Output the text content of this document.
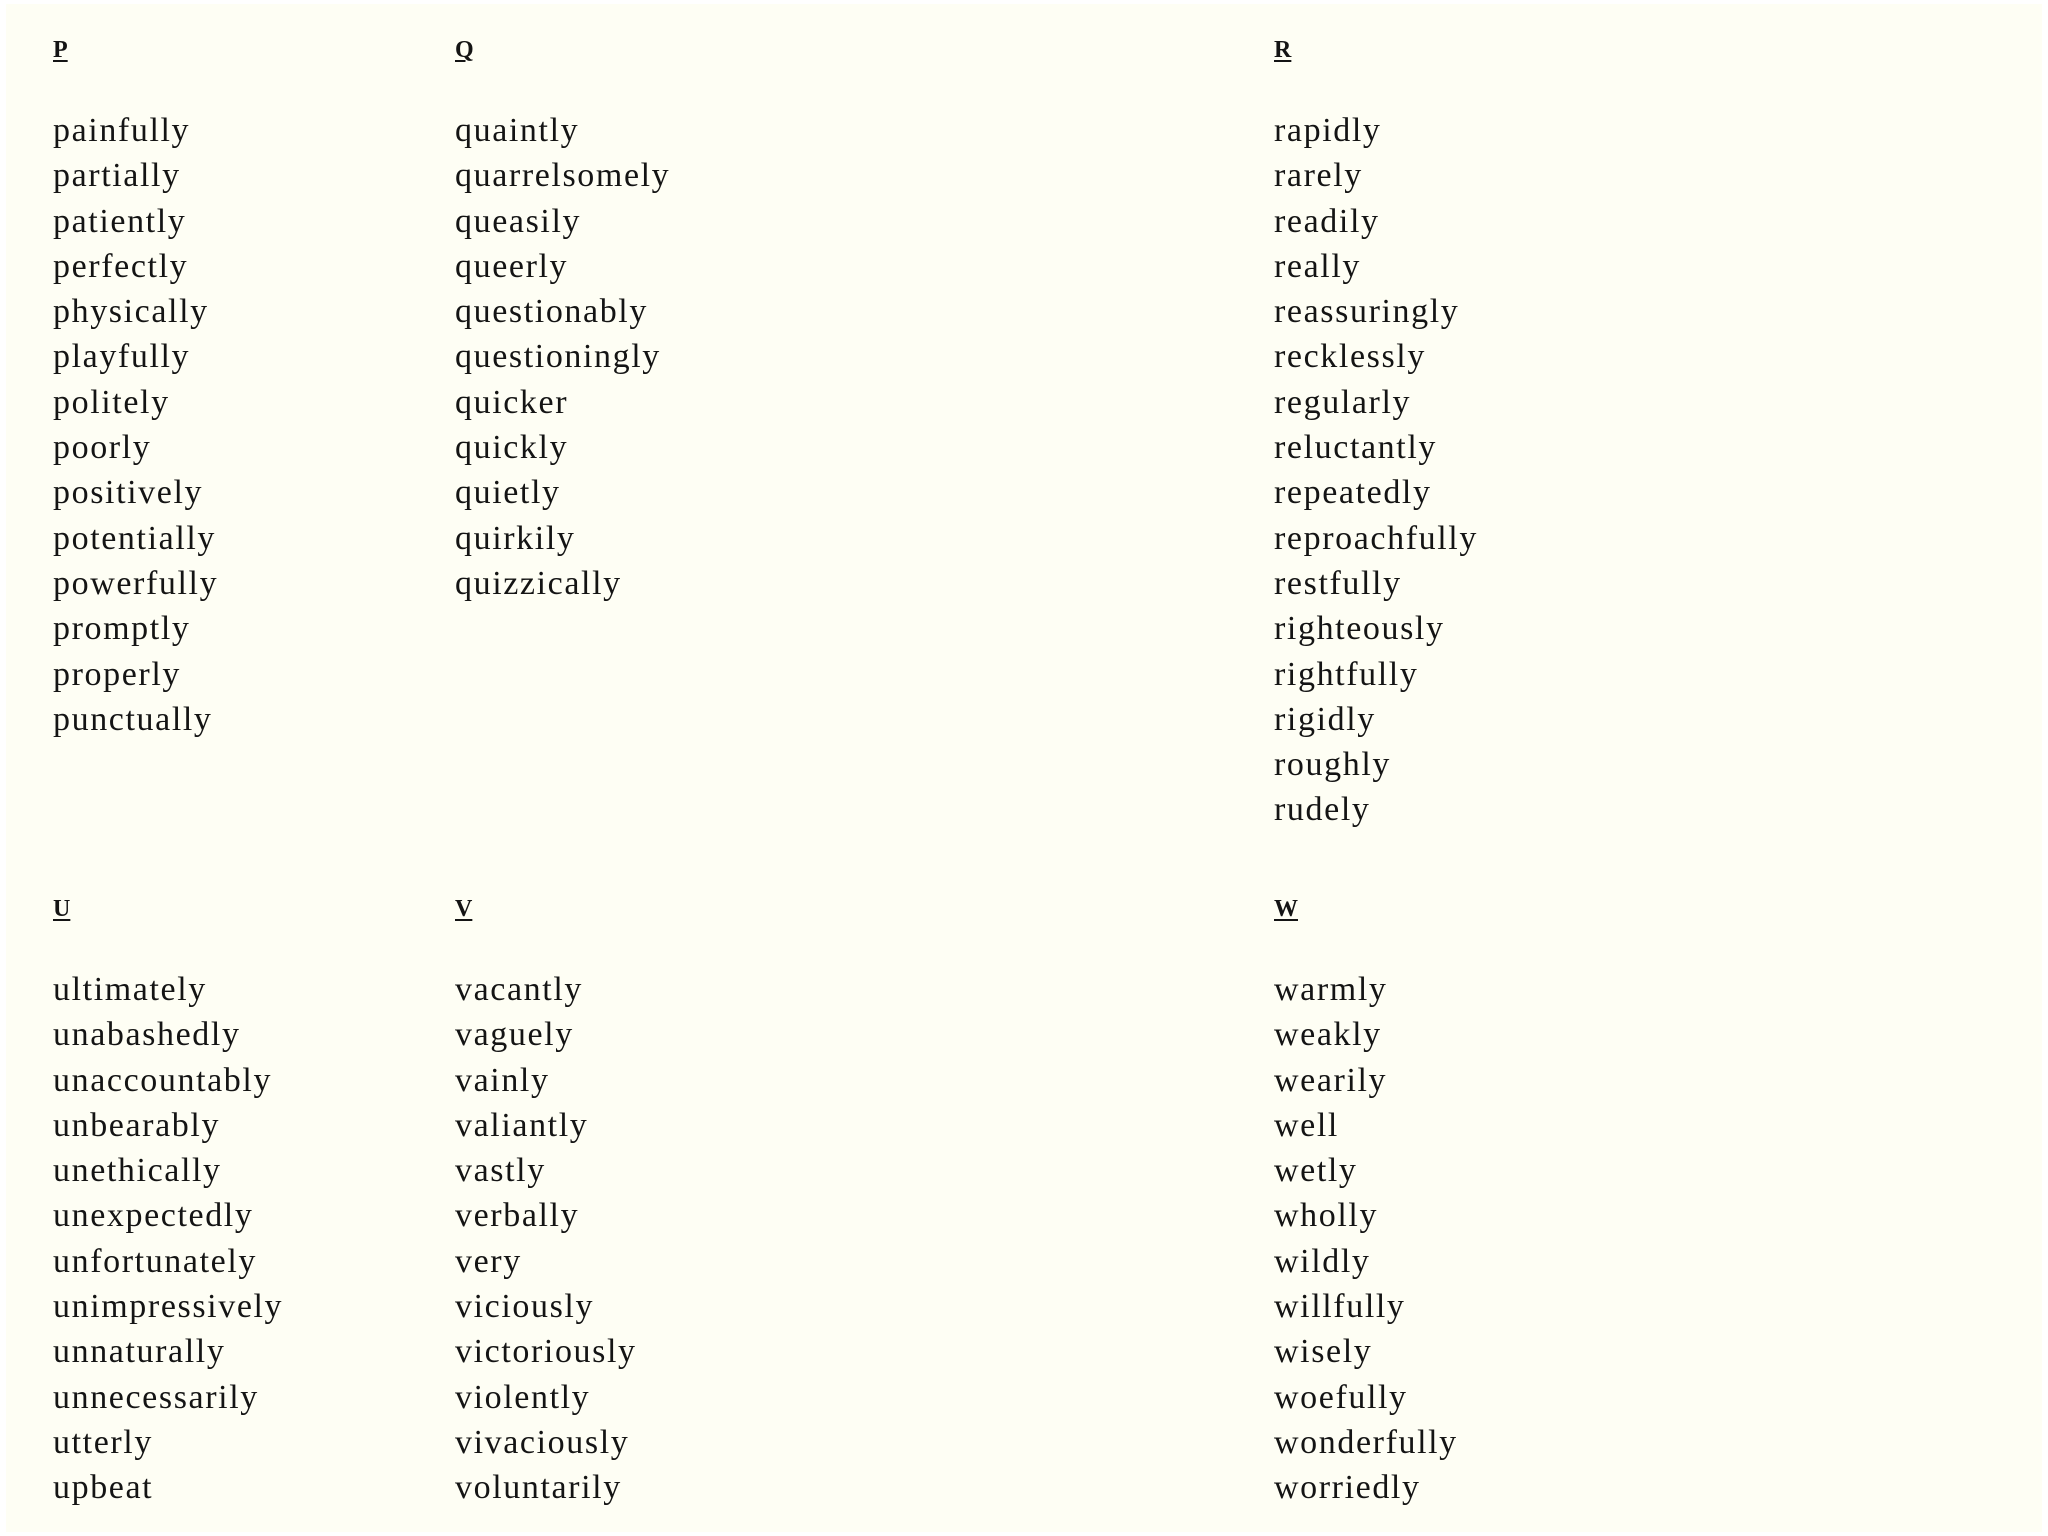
P
painfully
partially
patiently
perfectly
physically
playfully
politely
poorly
positively
potentially
powerfully
promptly
properly
punctually
Q
quaintly
quarrelsomely
queasily
queerly
questionably
questioningly
quicker
quickly
quietly
quirkily
quizzically
R
rapidly
rarely
readily
really
reassuringly
recklessly
regularly
reluctantly
repeatedly
reproachfully
restfully
righteously
rightfully
rigidly
roughly
rudely
U
ultimately
unabashedly
unaccountably
unbearably
unethically
unexpectedly
unfortunately
unimpressively
unnaturally
unnecessarily
utterly
upbeat
V
vacantly
vaguely
vainly
valiantly
vastly
verbally
very
viciously
victoriously
violently
vivaciously
voluntarily
W
warmly
weakly
wearily
well
wetly
wholly
wildly
willfully
wisely
woefully
wonderfully
worriedly
